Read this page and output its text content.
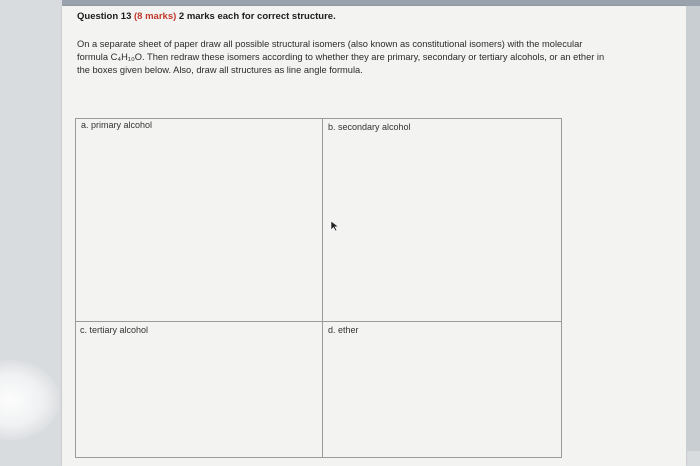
Question 13 (8 marks) 2 marks each for correct structure.
On a separate sheet of paper draw all possible structural isomers (also known as constitutional isomers) with the molecular formula C₄H₁₀O. Then redraw these isomers according to whether they are primary, secondary or tertiary alcohols, or an ether in the boxes given below. Also, draw all structures as line angle formula.
a. primary alcohol	b. secondary alcohol
c. tertiary alcohol	d. ether
